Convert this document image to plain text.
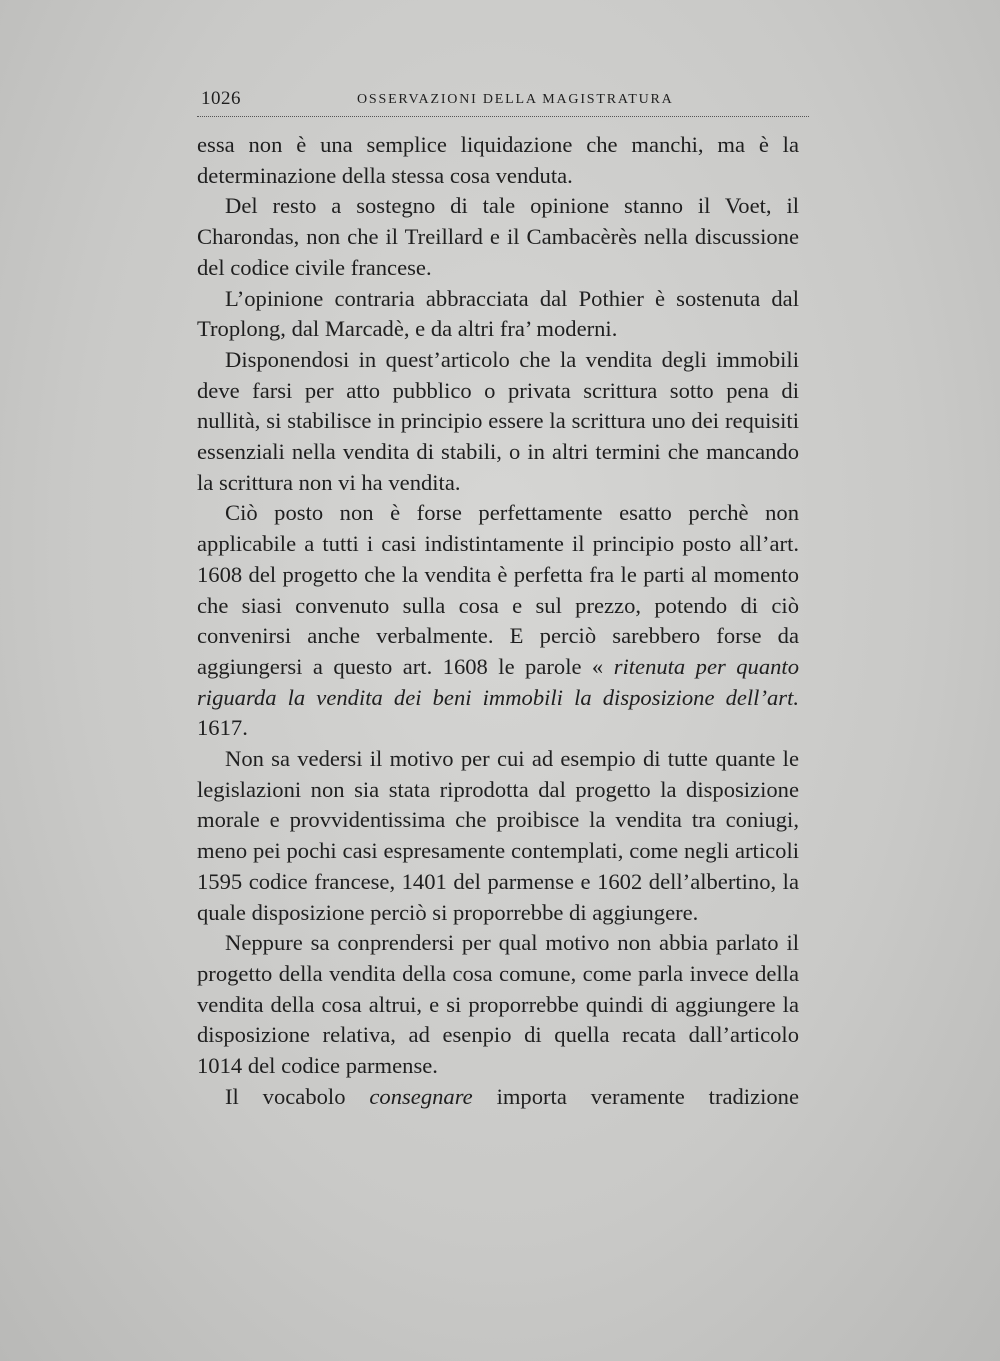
1026	OSSERVAZIONI DELLA MAGISTRATURA

essa non è una semplice liquidazione che manchi, ma è la determinazione della stessa cosa venduta.

Del resto a sostegno di tale opinione stanno il Voet, il Charondas, non che il Treillard e il Cambacèrès nella discussione del codice civile francese.

L’opinione contraria abbracciata dal Pothier è sostenuta dal Troplong, dal Marcadè, e da altri fra’ moderni.

Disponendosi in quest’articolo che la vendita degli immobili deve farsi per atto pubblico o privata scrittura sotto pena di nullità, si stabilisce in principio essere la scrittura uno dei requisiti essenziali nella vendita di stabili, o in altri termini che mancando la scrittura non vi ha vendita.

Ciò posto non è forse perfettamente esatto perchè non applicabile a tutti i casi indistintamente il principio posto all’art. 1608 del progetto che la vendita è perfetta fra le parti al momento che siasi convenuto sulla cosa e sul prezzo, potendo di ciò convenirsi anche verbalmente. E perciò sarebbero forse da aggiungersi a questo art. 1608 le parole « ritenuta per quanto riguarda la vendita dei beni immobili la disposizione dell’art. 1617.

Non sa vedersi il motivo per cui ad esempio di tutte quante le legislazioni non sia stata riprodotta dal progetto la disposizione morale e provvidentissima che proibisce la vendita tra coniugi, meno pei pochi casi espresamente contemplati, come negli articoli 1595 codice francese, 1401 del parmense e 1602 dell’albertino, la quale disposizione perciò si proporrebbe di aggiungere.

Neppure sa conprendersi per qual motivo non abbia parlato il progetto della vendita della cosa comune, come parla invece della vendita della cosa altrui, e si proporrebbe quindi di aggiungere la disposizione relativa, ad esenpio di quella recata dall’articolo 1014 del codice parmense.

Il vocabolo consegnare importa veramente tradizione
